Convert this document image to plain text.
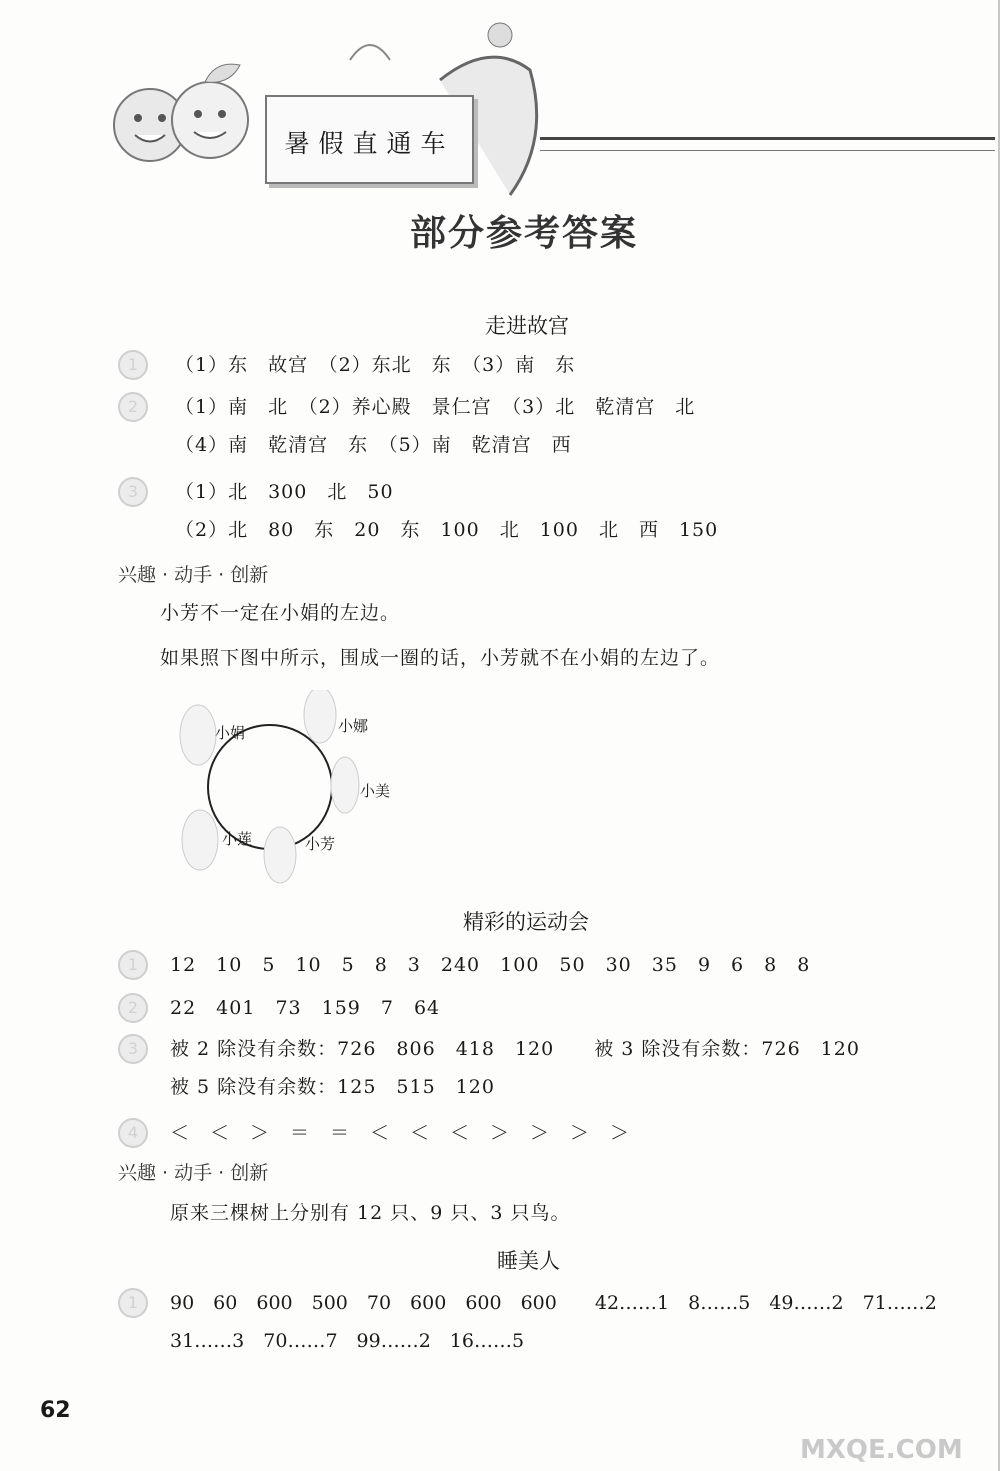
暑假直通车
部分参考答案
走进故宫
1	（1）东　故宫　（2）东北　东　（3）南　东
2	（1）南　北　（2）养心殿　景仁宫　（3）北　乾清宫　北
（4）南　乾清宫　东　（5）南　乾清宫　西
3	（1）北　300　北　50
（2）北　80　东　20　东　100　北　100　北　西　150
兴趣 · 动手 · 创新
小芳不一定在小娟的左边。
如果照下图中所示，围成一圈的话，小芳就不在小娟的左边了。
小娟	小娜
小美
小芳
小莲
精彩的运动会
1	12　10　5　10　5　8　3　240　100　50　30　35　9　6　8　8
2	22　401　73　159　7　64
3	被 2 除没有余数：726　806　418　120　　被 3 除没有余数：726　120
被 5 除没有余数：125　515　120
4	＜　＜　＞　＝　＝　＜　＜　＜　＞　＞　＞　＞
兴趣 · 动手 · 创新
原来三棵树上分别有 12 只、9 只、3 只鸟。
睡美人
1	90　60　600　500　70　600　600　600　　42……1　8……5　49……2　71……2
31……3　70……7　99……2　16……5
62
MXQE.COM
